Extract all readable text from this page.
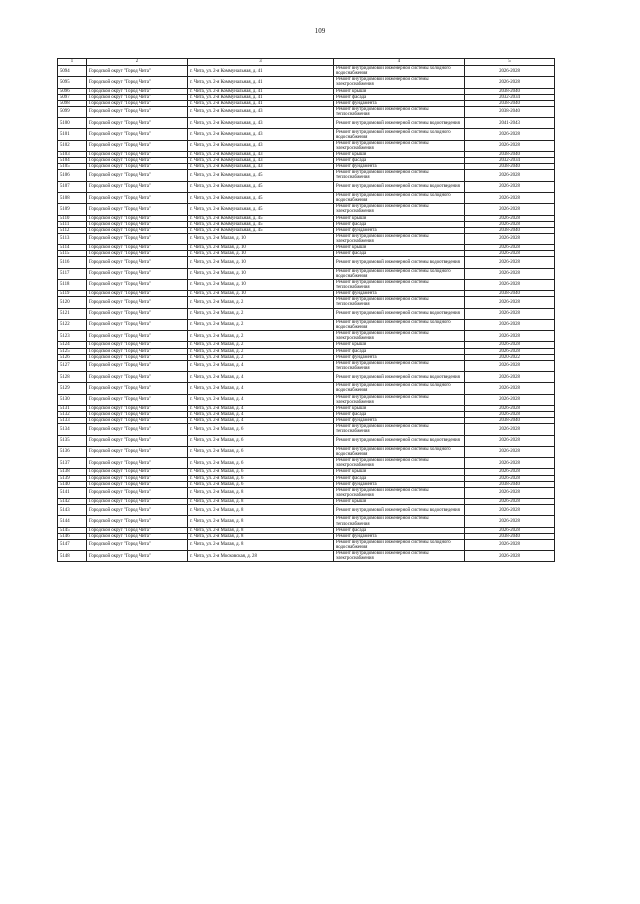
109
1	2	3	4	5
5094	Городской округ "Город Чита"	г. Чита, ул. 2-я Коммунальная, д. 41	Ремонт внутридомовой инженерной системы холодного водоснабжения	2026-2028
5095	Городской округ "Город Чита"	г. Чита, ул. 2-я Коммунальная, д. 41	Ремонт внутридомовой инженерной системы электроснабжения	2026-2028
5096	Городской округ "Город Чита"	г. Чита, ул. 2-я Коммунальная, д. 41	Ремонт крыши	2038-2040
5097	Городской округ "Город Чита"	г. Чита, ул. 2-я Коммунальная, д. 41	Ремонт фасада	2032-2034
5098	Городской округ "Город Чита"	г. Чита, ул. 2-я Коммунальная, д. 41	Ремонт фундамента	2038-2040
5099	Городской округ "Город Чита"	г. Чита, ул. 2-я Коммунальная, д. 43	Ремонт внутридомовой инженерной системы теплоснабжения	2038-2040
5100	Городской округ "Город Чита"	г. Чита, ул. 2-я Коммунальная, д. 43	Ремонт внутридомовой инженерной системы водоотведения	2041-2043
5101	Городской округ "Город Чита"	г. Чита, ул. 2-я Коммунальная, д. 43	Ремонт внутридомовой инженерной системы холодного водоснабжения	2026-2028
5102	Городской округ "Город Чита"	г. Чита, ул. 2-я Коммунальная, д. 43	Ремонт внутридомовой инженерной системы электроснабжения	2026-2028
5103	Городской округ "Город Чита"	г. Чита, ул. 2-я Коммунальная, д. 43	Ремонт крыши	2038-2040
5104	Городской округ "Город Чита"	г. Чита, ул. 2-я Коммунальная, д. 43	Ремонт фасада	2032-2034
5105	Городской округ "Город Чита"	г. Чита, ул. 2-я Коммунальная, д. 43	Ремонт фундамента	2038-2040
5106	Городской округ "Город Чита"	г. Чита, ул. 2-я Коммунальная, д. 45	Ремонт внутридомовой инженерной системы теплоснабжения	2026-2028
5107	Городской округ "Город Чита"	г. Чита, ул. 2-я Коммунальная, д. 45	Ремонт внутридомовой инженерной системы водоотведения	2026-2028
5108	Городской округ "Город Чита"	г. Чита, ул. 2-я Коммунальная, д. 45	Ремонт внутридомовой инженерной системы холодного водоснабжения	2026-2028
5109	Городской округ "Город Чита"	г. Чита, ул. 2-я Коммунальная, д. 45	Ремонт внутридомовой инженерной системы электроснабжения	2026-2028
5110	Городской округ "Город Чита"	г. Чита, ул. 2-я Коммунальная, д. 45	Ремонт крыши	2026-2028
5111	Городской округ "Город Чита"	г. Чита, ул. 2-я Коммунальная, д. 45	Ремонт фасада	2026-2028
5112	Городской округ "Город Чита"	г. Чита, ул. 2-я Коммунальная, д. 45	Ремонт фундамента	2038-2040
5113	Городской округ "Город Чита"	г. Чита, ул. 2-я Малая, д. 10	Ремонт внутридомовой инженерной системы электроснабжения	2026-2028
5114	Городской округ "Город Чита"	г. Чита, ул. 2-я Малая, д. 10	Ремонт крыши	2026-2028
5115	Городской округ "Город Чита"	г. Чита, ул. 2-я Малая, д. 10	Ремонт фасада	2026-2028
5116	Городской округ "Город Чита"	г. Чита, ул. 2-я Малая, д. 10	Ремонт внутридомовой инженерной системы водоотведения	2026-2028
5117	Городской округ "Город Чита"	г. Чита, ул. 2-я Малая, д. 10	Ремонт внутридомовой инженерной системы холодного водоснабжения	2026-2028
5118	Городской округ "Город Чита"	г. Чита, ул. 2-я Малая, д. 10	Ремонт внутридомовой инженерной системы теплоснабжения	2026-2028
5119	Городской округ "Город Чита"	г. Чита, ул. 2-я Малая, д. 10	Ремонт фундамента	2038-2040
5120	Городской округ "Город Чита"	г. Чита, ул. 2-я Малая, д. 2	Ремонт внутридомовой инженерной системы теплоснабжения	2026-2028
5121	Городской округ "Город Чита"	г. Чита, ул. 2-я Малая, д. 2	Ремонт внутридомовой инженерной системы водоотведения	2026-2028
5122	Городской округ "Город Чита"	г. Чита, ул. 2-я Малая, д. 2	Ремонт внутридомовой инженерной системы холодного водоснабжения	2026-2028
5123	Городской округ "Город Чита"	г. Чита, ул. 2-я Малая, д. 2	Ремонт внутридомовой инженерной системы электроснабжения	2026-2028
5124	Городской округ "Город Чита"	г. Чита, ул. 2-я Малая, д. 2	Ремонт крыши	2026-2028
5125	Городской округ "Город Чита"	г. Чита, ул. 2-я Малая, д. 2	Ремонт фасада	2026-2028
5126	Городской округ "Город Чита"	г. Чита, ул. 2-я Малая, д. 2	Ремонт фундамента	2020-2022
5127	Городской округ "Город Чита"	г. Чита, ул. 2-я Малая, д. 4	Ремонт внутридомовой инженерной системы теплоснабжения	2026-2028
5128	Городской округ "Город Чита"	г. Чита, ул. 2-я Малая, д. 4	Ремонт внутридомовой инженерной системы водоотведения	2026-2028
5129	Городской округ "Город Чита"	г. Чита, ул. 2-я Малая, д. 4	Ремонт внутридомовой инженерной системы холодного водоснабжения	2026-2028
5130	Городской округ "Город Чита"	г. Чита, ул. 2-я Малая, д. 4	Ремонт внутридомовой инженерной системы электроснабжения	2026-2028
5131	Городской округ "Город Чита"	г. Чита, ул. 2-я Малая, д. 4	Ремонт крыши	2026-2028
5132	Городской округ "Город Чита"	г. Чита, ул. 2-я Малая, д. 4	Ремонт фасада	2026-2028
5133	Городской округ "Город Чита"	г. Чита, ул. 2-я Малая, д. 4	Ремонт фундамента	2038-2040
5134	Городской округ "Город Чита"	г. Чита, ул. 2-я Малая, д. 6	Ремонт внутридомовой инженерной системы теплоснабжения	2026-2028
5135	Городской округ "Город Чита"	г. Чита, ул. 2-я Малая, д. 6	Ремонт внутридомовой инженерной системы водоотведения	2026-2028
5136	Городской округ "Город Чита"	г. Чита, ул. 2-я Малая, д. 6	Ремонт внутридомовой инженерной системы холодного водоснабжения	2026-2028
5137	Городской округ "Город Чита"	г. Чита, ул. 2-я Малая, д. 6	Ремонт внутридомовой инженерной системы электроснабжения	2026-2028
5138	Городской округ "Город Чита"	г. Чита, ул. 2-я Малая, д. 6	Ремонт крыши	2026-2028
5139	Городской округ "Город Чита"	г. Чита, ул. 2-я Малая, д. 6	Ремонт фасада	2026-2028
5140	Городской округ "Город Чита"	г. Чита, ул. 2-я Малая, д. 6	Ремонт фундамента	2038-2040
5141	Городской округ "Город Чита"	г. Чита, ул. 2-я Малая, д. 8	Ремонт внутридомовой инженерной системы электроснабжения	2026-2028
5142	Городской округ "Город Чита"	г. Чита, ул. 2-я Малая, д. 8	Ремонт крыши	2026-2028
5143	Городской округ "Город Чита"	г. Чита, ул. 2-я Малая, д. 8	Ремонт внутридомовой инженерной системы водоотведения	2026-2028
5144	Городской округ "Город Чита"	г. Чита, ул. 2-я Малая, д. 8	Ремонт внутридомовой инженерной системы теплоснабжения	2026-2028
5145	Городской округ "Город Чита"	г. Чита, ул. 2-я Малая, д. 8	Ремонт фасада	2026-2028
5146	Городской округ "Город Чита"	г. Чита, ул. 2-я Малая, д. 8	Ремонт фундамента	2038-2040
5147	Городской округ "Город Чита"	г. Чита, ул. 2-я Малая, д. 8	Ремонт внутридомовой инженерной системы холодного водоснабжения	2026-2028
5148	Городской округ "Город Чита"	г. Чита, ул. 2-я Московская, д. 28	Ремонт внутридомовой инженерной системы электроснабжения	2026-2028
